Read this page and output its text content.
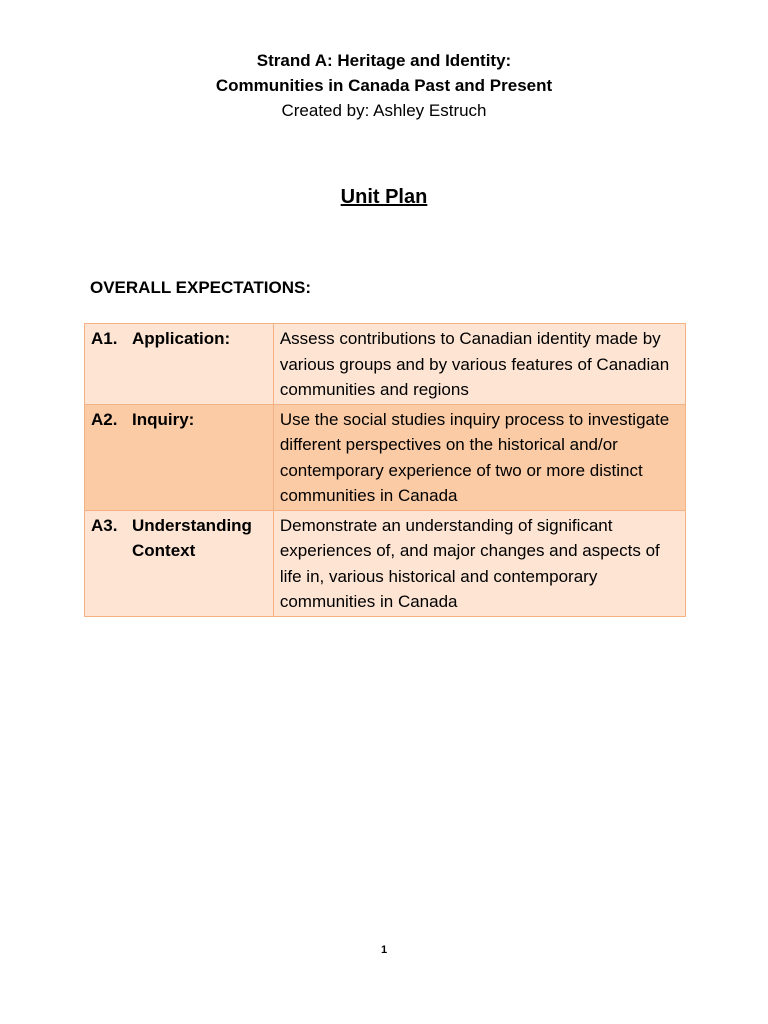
Strand A: Heritage and Identity:
Communities in Canada Past and Present
Created by: Ashley Estruch
Unit Plan
OVERALL EXPECTATIONS:
A1. Application:	Assess contributions to Canadian identity made by various groups and by various features of Canadian communities and regions

A2. Inquiry:	Use the social studies inquiry process to investigate different perspectives on the historical and/or contemporary experience of two or more distinct communities in Canada

A3. Understanding Context	Demonstrate an understanding of significant experiences of, and major changes and aspects of life in, various historical and contemporary communities in Canada
1
